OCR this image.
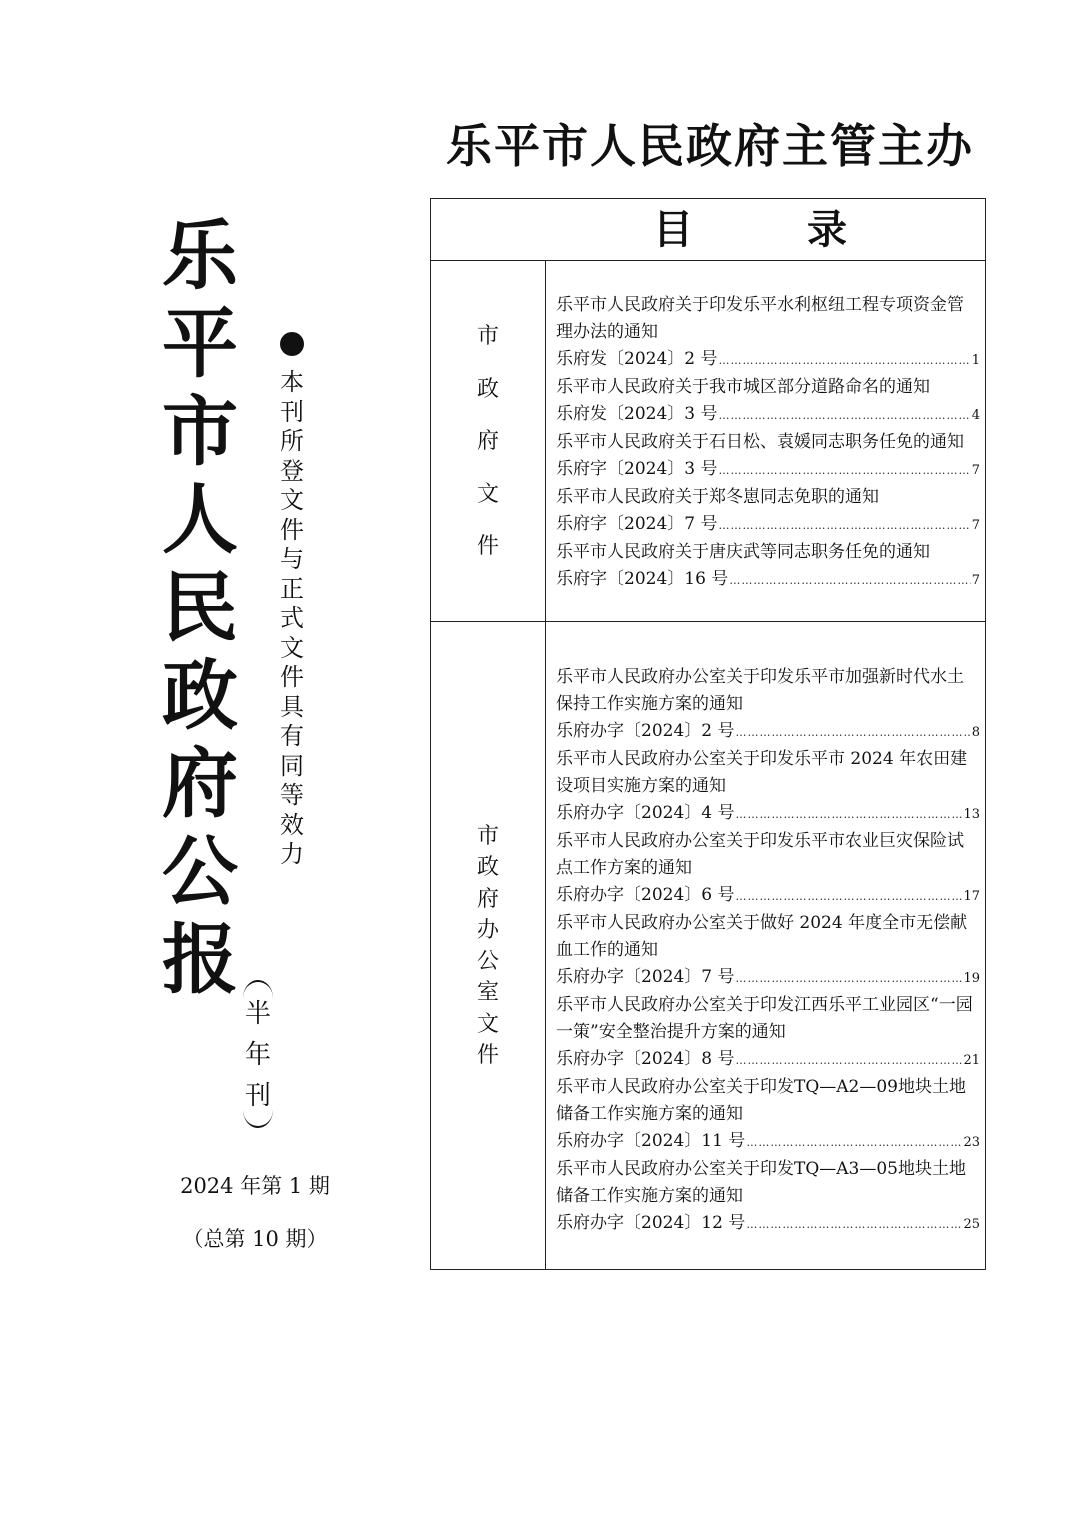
乐平市人民政府主管主办
乐
平
市
人
民
政
府
公
报
本
刊
所
登
文
件
与
正
式
文
件
具
有
同
等
效
力
半
年
刊
2024 年第 1 期
（总第 10 期）
目	录
市
政
府
文
件
乐平市人民政府关于印发乐平水利枢纽工程专项资金管理办法的通知
乐府发〔2024〕2 号 ………………………………………………………………………………………………………………………………………………	1
乐平市人民政府关于我市城区部分道路命名的通知
乐府发〔2024〕3 号 ………………………………………………………………………………………………………………………………………………	4
乐平市人民政府关于石日松、袁媛同志职务任免的通知
乐府字〔2024〕3 号 ………………………………………………………………………………………………………………………………………………	7
乐平市人民政府关于郑冬崽同志免职的通知
乐府字〔2024〕7 号 ………………………………………………………………………………………………………………………………………………	7
乐平市人民政府关于唐庆武等同志职务任免的通知
乐府字〔2024〕16 号 ………………………………………………………………………………………………………………………………………………	7
市
政
府
办
公
室
文
件
乐平市人民政府办公室关于印发乐平市加强新时代水土保持工作实施方案的通知
乐府办字〔2024〕2 号 ………………………………………………………………………………………………………………………………………………	8
乐平市人民政府办公室关于印发乐平市 2024 年农田建设项目实施方案的通知
乐府办字〔2024〕4 号 ………………………………………………………………………………………………………………………………………………	13
乐平市人民政府办公室关于印发乐平市农业巨灾保险试点工作方案的通知
乐府办字〔2024〕6 号 ………………………………………………………………………………………………………………………………………………	17
乐平市人民政府办公室关于做好 2024 年度全市无偿献血工作的通知
乐府办字〔2024〕7 号 ………………………………………………………………………………………………………………………………………………	19
乐平市人民政府办公室关于印发江西乐平工业园区“一园一策”安全整治提升方案的通知
乐府办字〔2024〕8 号 ………………………………………………………………………………………………………………………………………………	21
乐平市人民政府办公室关于印发TQ—A2—09地块土地储备工作实施方案的通知
乐府办字〔2024〕11 号 ………………………………………………………………………………………………………………………………………………	23
乐平市人民政府办公室关于印发TQ—A3—05地块土地储备工作实施方案的通知
乐府办字〔2024〕12 号 ………………………………………………………………………………………………………………………………………………	25
